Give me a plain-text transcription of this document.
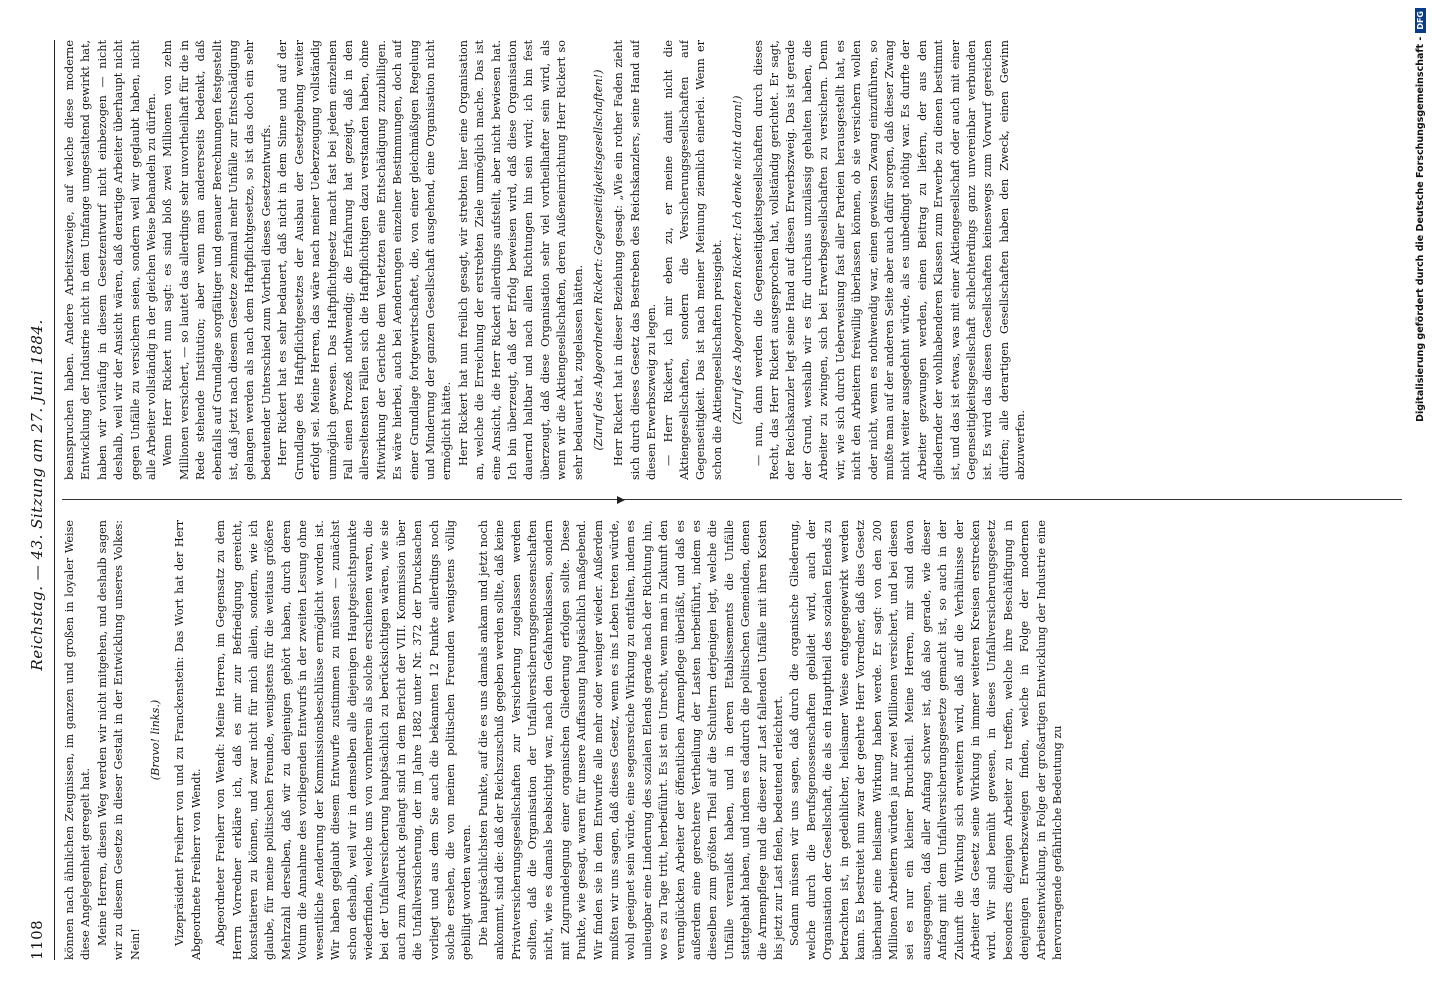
1108
Reichstag. — 43. Sitzung am 27. Juni 1884.

können nach ähnlichen Zeugnissen, im ganzen und großen in loyaler Weise diese Angelegenheit geregelt hat. Meine Herren, diesen Weg werden wir nicht mitgehen, und deshalb sagen wir zu diesem Gesetze in dieser Gestalt in der Entwicklung unseres Volkes: Nein!

(Bravo! links.) Vizepräsident Freiherr von und zu Franckenstein: Das Wort hat der Herr Abgeordnete Freiherr von Wendt. Abgeordneter Freiherr von Wendt: Meine Herren, im Gegensatz zu dem Herrn Vorredner erkläre ich, daß es mir zur Befriedigung gereicht, konstatieren zu können, und zwar nicht für mich allein, sondern, wie ich glaube, für meine politischen Freunde, wenigstens für die weitaus größere Mehrzahl derselben, daß wir zu denjenigen gehört haben, durch deren Votum die Annahme des vorliegenden Entwurfs in der zweiten Lesung ohne wesentliche Aenderung der Kommissionsbeschlüsse ermöglicht worden ist. Wir haben geglaubt diesem Entwurfe zustimmen zu müssen — zunächst schon deshalb, weil wir in demselben alle diejenigen Hauptgesichtspunkte wiederfinden, welche uns von vornherein als solche erschienen waren, die bei der Unfallversicherung hauptsächlich zu berücksichtigen wären, wie sie auch zum Ausdruck gelangt sind in dem Bericht der VIII. Kommission über die Unfallversicherung, der im Jahre 1882 unter Nr. 372 der Drucksachen vorliegt und aus dem Sie auch die bekannten 12 Punkte allerdings noch solche ersehen, die von meinen politischen Freunden wenigstens völlig gebilligt worden waren. Die hauptsächlichsten Punkte, auf die es uns damals ankam und jetzt noch ankommt, sind die: daß der Reichszuschuß gegeben werden sollte, daß keine Privatversicherungsgesellschaften zur Versicherung zugelassen werden sollten, daß die Organisation der Unfallversicherungsgenossenschaften nicht, wie es damals beabsichtigt war, nach den Gefahrenklassen, sondern mit Zugrundelegung einer organischen Gliederung erfolgen sollte. Diese Punkte, wie gesagt, waren für unsere Auffassung hauptsächlich maßgebend. Wir finden sie in dem Entwurfe alle mehr oder weniger wieder. Außerdem mußten wir uns sagen, daß dieses Gesetz, wenn es ins Leben treten würde, wohl geeignet sein würde, eine segensreiche Wirkung zu entfalten, indem es unleugbar eine Linderung des sozialen Elends gerade nach der Richtung hin, wo es zu Tage tritt, herbeiführt. Es ist ein Unrecht, wenn man in Zukunft den verunglückten Arbeiter der öffentlichen Armenpflege überläßt, und daß es außerdem eine gerechtere Vertheilung der Lasten herbeiführt, indem es dieselben zum größten Theil auf die Schultern derjenigen legt, welche die Unfälle veranlaßt haben, und in deren Etablissements die Unfälle stattgehabt haben, und indem es dadurch die politischen Gemeinden, denen die Armenpflege und die dieser zur Last fallenden Unfälle mit ihren Kosten bis jetzt zur Last fielen, bedeutend erleichtert. Sodann müssen wir uns sagen, daß durch die organische Gliederung, welche durch die Berufsgenossenschaften gebildet wird, auch der Organisation der Gesellschaft, die als ein Haupttheil des sozialen Elends zu betrachten ist, in gedeihlicher, heilsamer Weise entgegengewirkt werden kann. Es bestreitet nun zwar der geehrte Herr Vorredner, daß dies Gesetz überhaupt eine heilsame Wirkung haben werde. Er sagt: von den 200 Millionen Arbeitern würden ja nur zwei Millionen versichert, und bei diesen sei es nur ein kleiner Bruchtheil. Meine Herren, mir sind davon ausgegangen, daß aller Anfang schwer ist, daß also gerade, wie dieser Anfang mit dem Unfallversicherungsgesetze gemacht ist, so auch in der Zukunft die Wirkung sich erweitern wird, daß auf die Verhältnisse der Arbeiter das Gesetz seine Wirkung in immer weiteren Kreisen erstrecken wird. Wir sind bemüht gewesen, in dieses Unfallversicherungsgesetz besonders diejenigen Arbeiter zu treffen, welche ihre Beschäftigung in denjenigen Erwerbszweigen finden, welche in Folge der modernen Arbeitsentwicklung, in Folge der großartigen Entwicklung der Industrie eine hervorragende gefährliche Bedeutung zu

beanspruchen haben. Andere Arbeitszweige, auf welche diese moderne Entwicklung der Industrie nicht in dem Umfange umgestaltend gewirkt hat, haben wir vorläufig in diesem Gesetzentwurf nicht einbezogen — nicht deshalb, weil wir der Ansicht wären, daß derartige Arbeiter überhaupt nicht gegen Unfälle zu versichern seien, sondern weil wir geglaubt haben, nicht alle Arbeiter vollständig in der gleichen Weise behandeln zu dürfen. Wenn Herr Rickert nun sagt: es sind bloß zwei Millionen von zehn Millionen versichert, — so lautet das allerdings sehr unvortheilhaft für die in Rede stehende Institution; aber wenn man andererseits bedenkt, daß ebenfalls auf Grundlage sorgfältiger und genauer Berechnungen festgestellt ist, daß jetzt nach diesem Gesetze zehnmal mehr Unfälle zur Entschädigung gelangen werden als nach dem Haftpflichtgesetze, so ist das doch ein sehr bedeutender Unterschied zum Vortheil dieses Gesetzentwurfs. Herr Rickert hat es sehr bedauert, daß nicht in dem Sinne und auf der Grundlage des Haftpflichtgesetzes der Ausbau der Gesetzgebung weiter erfolgt sei. Meine Herren, das wäre nach meiner Ueberzeugung vollständig unmöglich gewesen. Das Haftpflichtgesetz macht fast bei jedem einzelnen Fall einen Prozeß nothwendig; die Erfahrung hat gezeigt, daß in den allerseltensten Fällen sich die Haftpflichtigen dazu verstanden haben, ohne Mitwirkung der Gerichte dem Verletzten eine Entschädigung zuzubilligen. Es wäre hierbei, auch bei Aenderungen einzelner Bestimmungen, doch auf einer Grundlage fortgewirtschaftet, die, von einer gleichmäßigen Regelung und Minderung der ganzen Gesellschaft ausgehend, eine Organisation nicht ermöglicht hätte. Herr Rickert hat nun freilich gesagt, wir strebten hier eine Organisation an, welche die Erreichung der erstrebten Ziele unmöglich mache. Das ist eine Ansicht, die Herr Rickert allerdings aufstellt, aber nicht bewiesen hat. Ich bin überzeugt, daß der Erfolg beweisen wird, daß diese Organisation dauernd haltbar und nach allen Richtungen hin sein wird; ich bin fest überzeugt, daß diese Organisation sehr viel vortheilhafter sein wird, als wenn wir die Aktiengesellschaften, deren Außeneinrichtung Herr Rickert so sehr bedauert hat, zugelassen hätten. (Zuruf des Abgeordneten Rickert: Gegenseitigkeitsgesellschaften!) Herr Rickert hat in dieser Beziehung gesagt: „Wie ein rother Faden zieht sich durch dieses Gesetz das Bestreben des Reichskanzlers, seine Hand auf diesen Erwerbszweig zu legen. — Herr Rickert, ich mir eben zu, er meine damit nicht die Aktiengesellschaften, sondern die Versicherungsgesellschaften auf Gegenseitigkeit. Das ist nach meiner Meinung ziemlich einerlei. Wenn er schon die Aktiengesellschaften preisgiebt. (Zuruf des Abgeordneten Rickert: Ich denke nicht daran!) — nun, dann werden die Gegenseitigkeitsgesellschaften durch dieses Recht, das Herr Rickert ausgesprochen hat, vollständig gerichtet. Er sagt, der Reichskanzler legt seine Hand auf diesen Erwerbszweig. Das ist gerade der Grund, weshalb wir es für durchaus unzulässig gehalten haben, die Arbeiter zu zwingen, sich bei Erwerbsgesellschaften zu versichern. Denn wir, wie sich durch Ueberweisung fast aller Parteien herausgestellt hat, es nicht den Arbeitern freiwillig überlassen können, ob sie versichern wollen oder nicht, wenn es nothwendig war, einen gewissen Zwang einzuführen, so mußte man auf der anderen Seite aber auch dafür sorgen, daß dieser Zwang nicht weiter ausgedehnt würde, als es unbedingt nöthig war. Es durfte der Arbeiter gezwungen werden, einen Beitrag zu liefern, der aus den gliedernder der wohlhabenderen Klassen zum Erwerbe zu dienen bestimmt ist, und das ist etwas, was mit einer Aktiengesellschaft oder auch mit einer Gegenseitigkeitsgesellschaft schlechterdings ganz unvereinbar verbunden ist. Es wird das diesen Gesellschaften keineswegs zum Vorwurf gereichen dürfen; alle derartigen Gesellschaften haben den Zweck, einen Gewinn abzuwerfen.

Digitalisierung gefördert durch die Deutsche Forschungsgemeinschaft -
DFG
